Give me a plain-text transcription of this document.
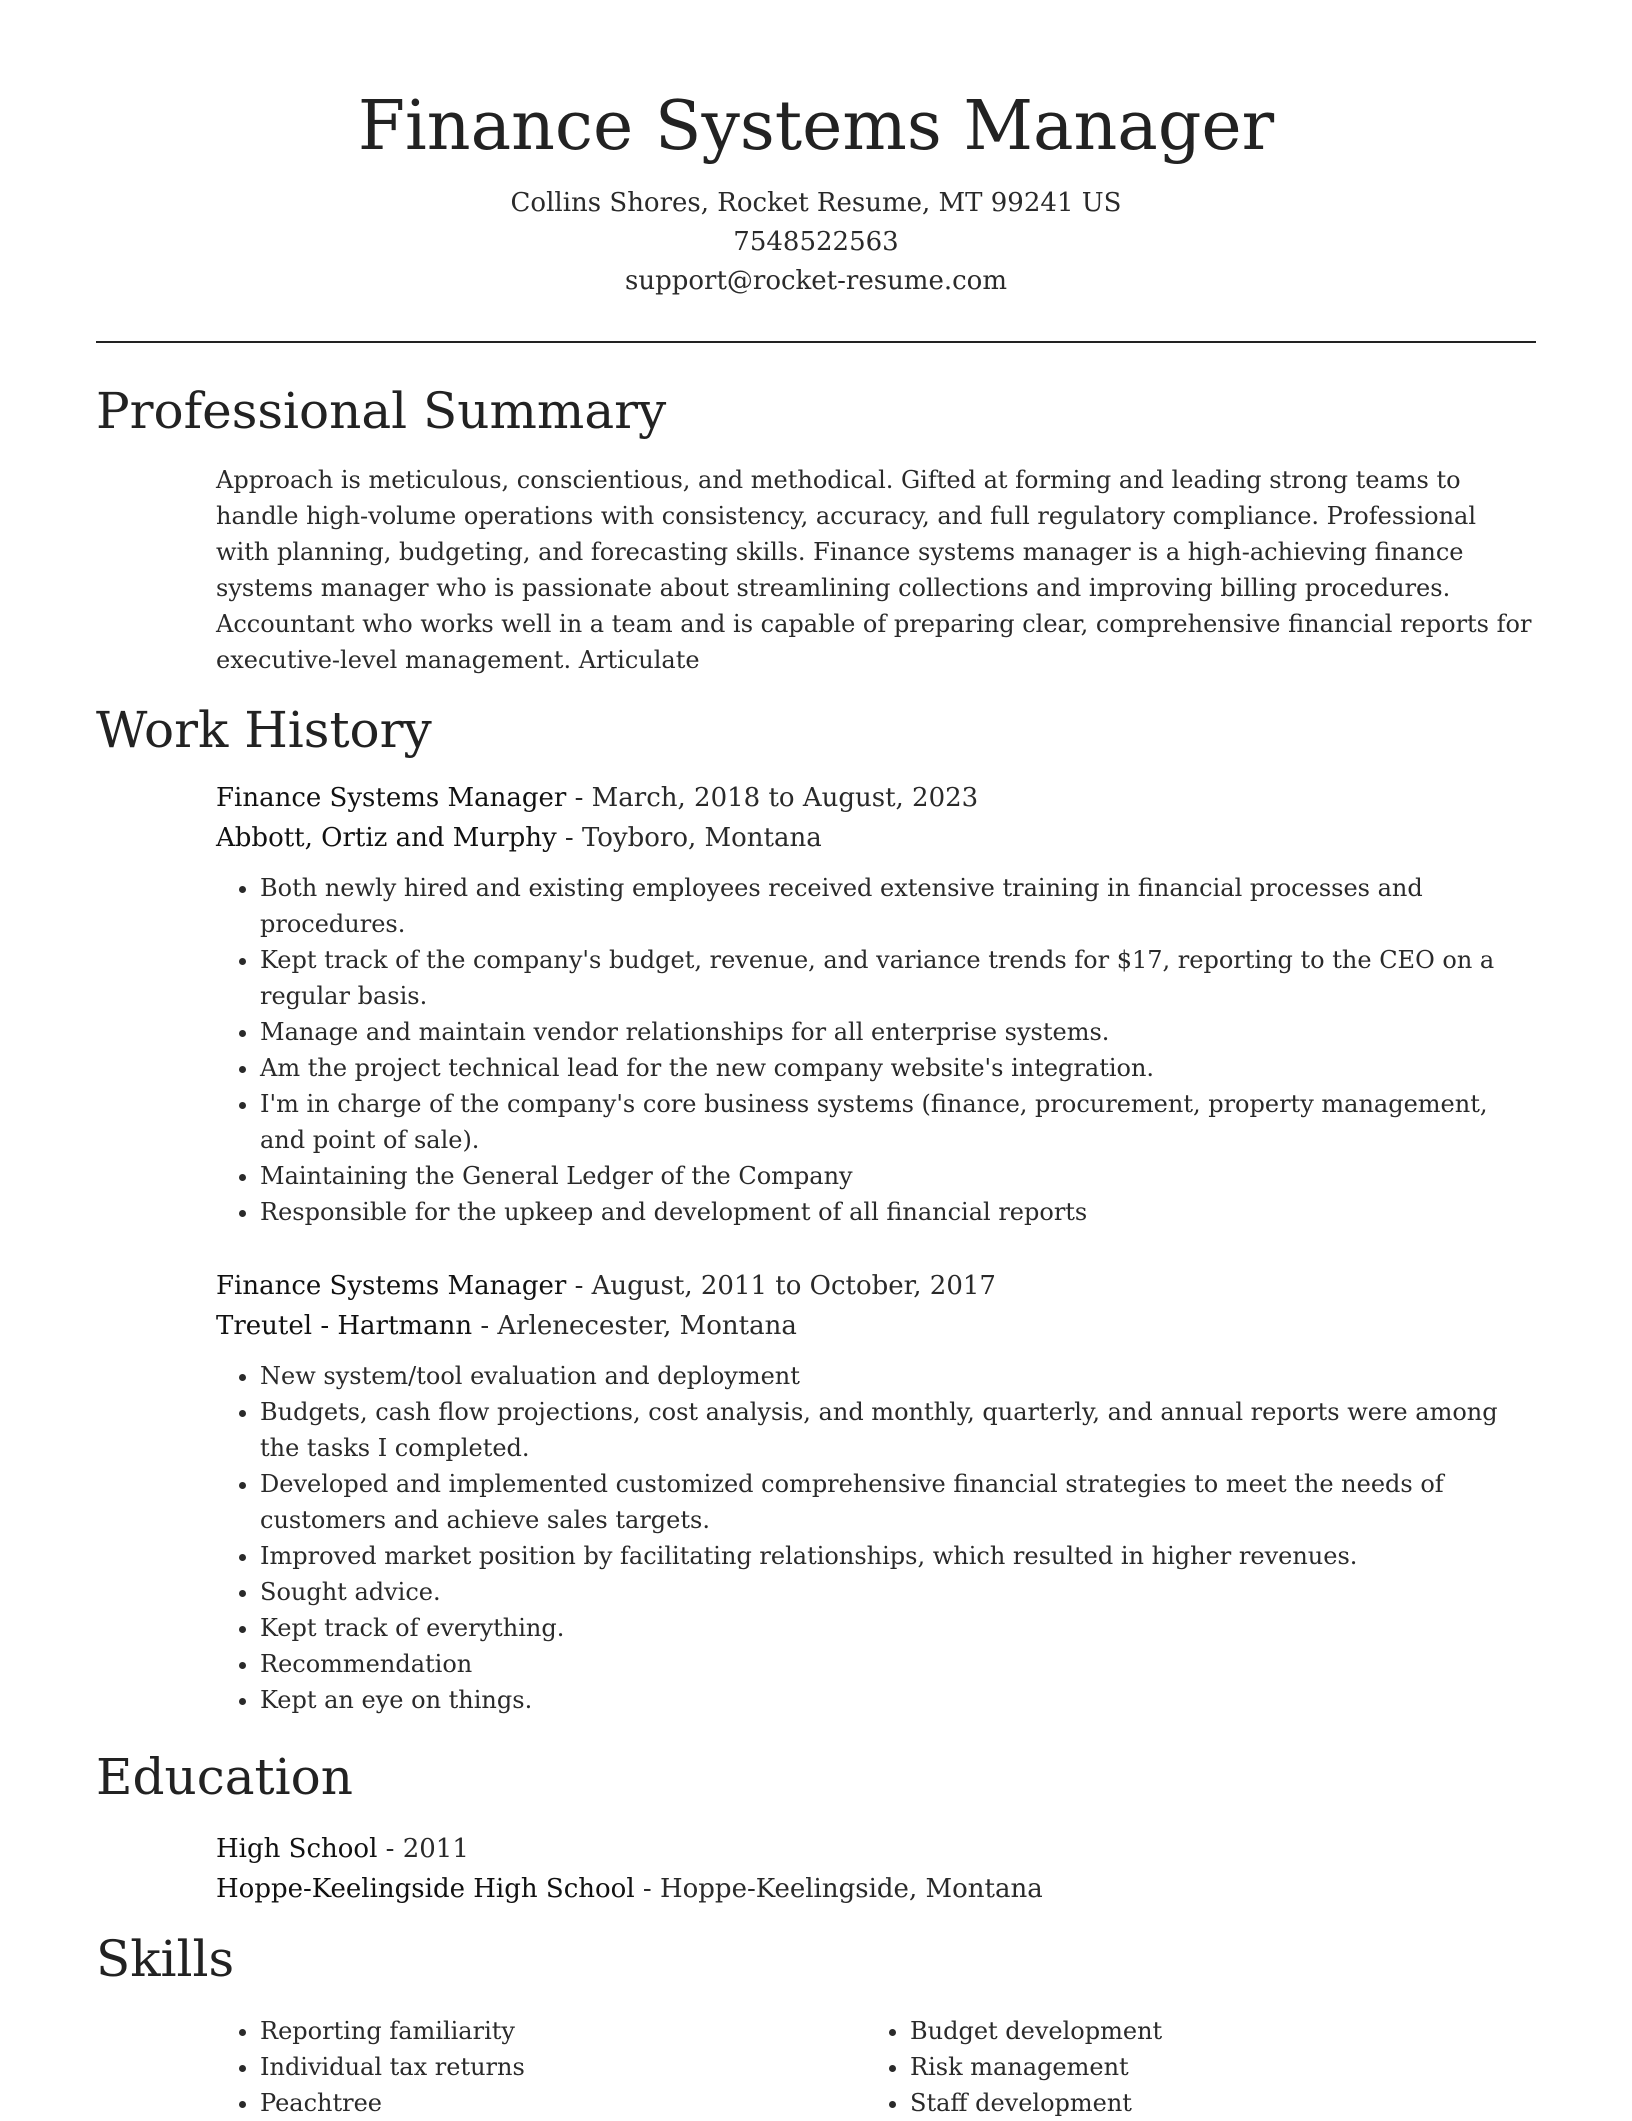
Finance Systems Manager
Collins Shores, Rocket Resume, MT 99241 US
7548522563
support@rocket-resume.com
Professional Summary

Approach is meticulous, conscientious, and methodical. Gifted at forming and leading strong teams to handle high-volume operations with consistency, accuracy, and full regulatory compliance. Professional with planning, budgeting, and forecasting skills. Finance systems manager is a high-achieving finance systems manager who is passionate about streamlining collections and improving billing procedures. Accountant who works well in a team and is capable of preparing clear, comprehensive financial reports for executive-level management. Articulate

Work History
Finance Systems Manager - March, 2018 to August, 2023
Abbott, Ortiz and Murphy - Toyboro, Montana
• Both newly hired and existing employees received extensive training in financial processes and procedures.
• Kept track of the company's budget, revenue, and variance trends for $17, reporting to the CEO on a regular basis.
• Manage and maintain vendor relationships for all enterprise systems.
• Am the project technical lead for the new company website's integration.
• I'm in charge of the company's core business systems (finance, procurement, property management, and point of sale).
• Maintaining the General Ledger of the Company
• Responsible for the upkeep and development of all financial reports
Finance Systems Manager - August, 2011 to October, 2017
Treutel - Hartmann - Arlenecester, Montana
• New system/tool evaluation and deployment
• Budgets, cash flow projections, cost analysis, and monthly, quarterly, and annual reports were among the tasks I completed.
• Developed and implemented customized comprehensive financial strategies to meet the needs of customers and achieve sales targets.
• Improved market position by facilitating relationships, which resulted in higher revenues.
• Sought advice.
• Kept track of everything.
• Recommendation
• Kept an eye on things.
Education
High School - 2011
Hoppe-Keelingside High School - Hoppe-Keelingside, Montana
Skills
• Reporting familiarity
• Individual tax returns
• Peachtree
• Budget development
• Risk management
• Staff development
